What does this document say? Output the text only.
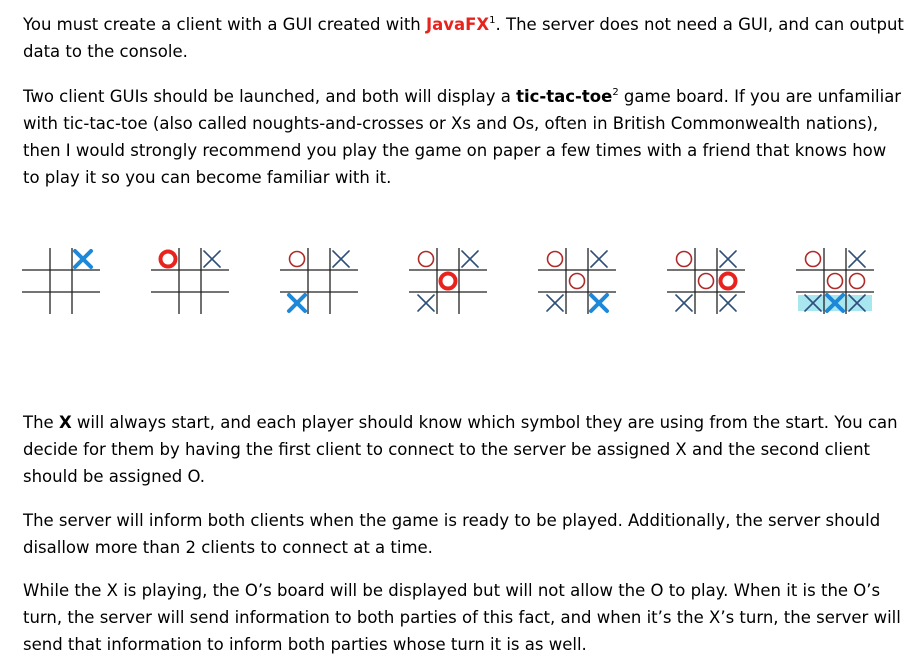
You must create a client with a GUI created with JavaFX$^1$. The server does not need a GUI, and can output data to the console.

Two client GUIs should be launched, and both will display a tic-tac-toe$^2$ game board. If you are unfamiliar with tic-tac-toe (also called noughts-and-crosses or Xs and Os, often in British Commonwealth nations), then I would strongly recommend you play the game on paper a few times with a friend that knows how to play it so you can become familiar with it.

The X will always start, and each player should know which symbol they are using from the start. You can decide for them by having the first client to connect to the server be assigned X and the second client should be assigned O.

The server will inform both clients when the game is ready to be played. Additionally, the server should disallow more than 2 clients to connect at a time.

While the X is playing, the O’s board will be displayed but will not allow the O to play. When it is the O’s turn, the server will send information to both parties of this fact, and when it’s the X’s turn, the server will send that information to inform both parties whose turn it is as well.
